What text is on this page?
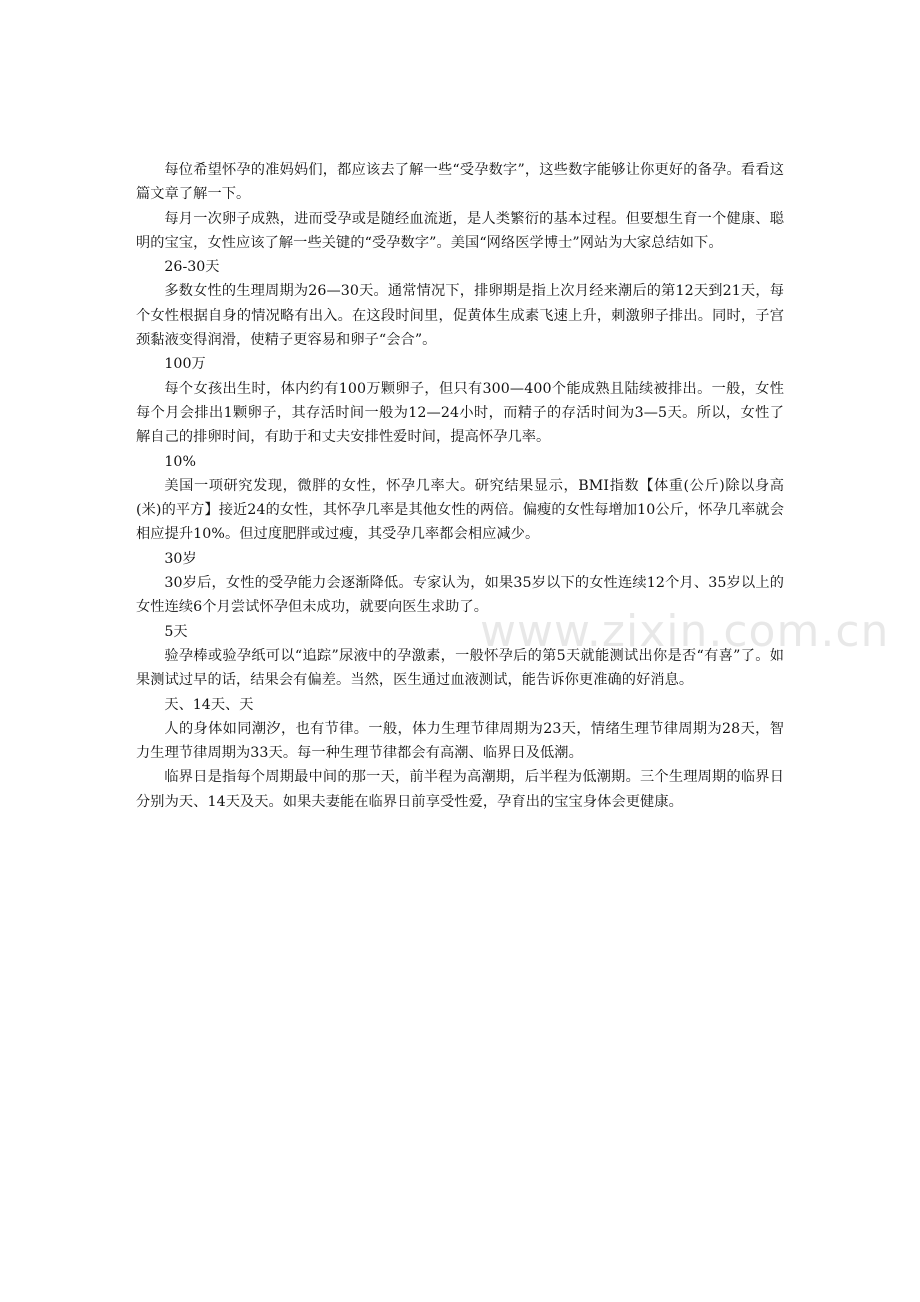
每位希望怀孕的准妈妈们，都应该去了解一些“受孕数字”，这些数字能够让你更好的备孕。看看这篇文章了解一下。

每月一次卵子成熟，进而受孕或是随经血流逝，是人类繁衍的基本过程。但要想生育一个健康、聪明的宝宝，女性应该了解一些关键的“受孕数字”。美国“网络医学博士”网站为大家总结如下。

26-30天

多数女性的生理周期为26—30天。通常情况下，排卵期是指上次月经来潮后的第12天到21天，每个女性根据自身的情况略有出入。在这段时间里，促黄体生成素飞速上升，刺激卵子排出。同时，子宫颈黏液变得润滑，使精子更容易和卵子“会合”。

100万

每个女孩出生时，体内约有100万颗卵子，但只有300—400个能成熟且陆续被排出。一般，女性每个月会排出1颗卵子，其存活时间一般为12—24小时，而精子的存活时间为3—5天。所以，女性了解自己的排卵时间，有助于和丈夫安排性爱时间，提高怀孕几率。

10%

美国一项研究发现，微胖的女性，怀孕几率大。研究结果显示，BMI指数【体重(公斤)除以身高(米)的平方】接近24的女性，其怀孕几率是其他女性的两倍。偏瘦的女性每增加10公斤，怀孕几率就会相应提升10%。但过度肥胖或过瘦，其受孕几率都会相应减少。

30岁

30岁后，女性的受孕能力会逐渐降低。专家认为，如果35岁以下的女性连续12个月、35岁以上的女性连续6个月尝试怀孕但未成功，就要向医生求助了。

5天

验孕棒或验孕纸可以“追踪”尿液中的孕激素，一般怀孕后的第5天就能测试出你是否“有喜”了。如果测试过早的话，结果会有偏差。当然，医生通过血液测试，能告诉你更准确的好消息。

天、14天、天

人的身体如同潮汐，也有节律。一般，体力生理节律周期为23天，情绪生理节律周期为28天，智力生理节律周期为33天。每一种生理节律都会有高潮、临界日及低潮。

临界日是指每个周期最中间的那一天，前半程为高潮期，后半程为低潮期。三个生理周期的临界日分别为天、14天及天。如果夫妻能在临界日前享受性爱，孕育出的宝宝身体会更健康。

www.zixin.com.cn
